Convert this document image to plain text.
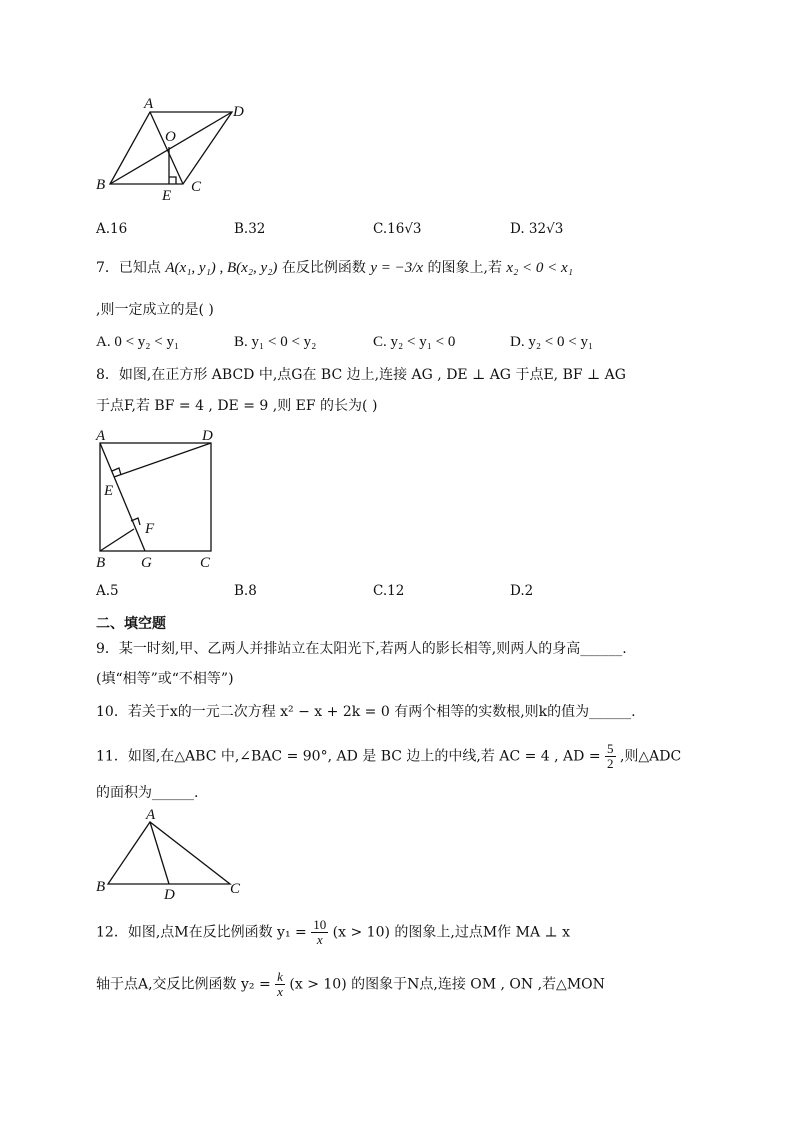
A	D
O
B
E
C
A.16	B.32	C.16√3	D. 32√3
7．已知点 A(x₁, y₁) , B(x₂, y₂) 在反比例函数 y = −3/x 的图象上,若 x₂ < 0 < x₁
,则一定成立的是( )
A. 0 < y₂ < y₁	B. y₁ < 0 < y₂	C. y₂ < y₁ < 0	D. y₂ < 0 < y₁
8．如图,在正方形 ABCD 中,点G在 BC 边上,连接 AG , DE ⊥ AG 于点E, BF ⊥ AG
于点F,若 BF = 4 , DE = 9 ,则 EF 的长为( )
A	D
E
F
B G	C
A.5	B.8	C.12	D.2
二、填空题
9．某一时刻,甲、乙两人并排站立在太阳光下,若两人的影长相等,则两人的身高______.
(填“相等”或“不相等”)
10．若关于x的一元二次方程 x² − x + 2k = 0 有两个相等的实数根,则k的值为______.
11．如图,在△ABC 中,∠BAC = 90°, AD 是 BC 边上的中线,若 AC = 4 , AD = $\frac{5}{2}$ ,则△ADC
的面积为______.
A
B	D	C
12．如图,点M在反比例函数 $y_1 = \frac{10}{x} (x > 10)$ 的图象上,过点M作 MA ⊥ x
轴于点A,交反比例函数 $y_2 = \frac{k}{x} (x > 10)$ 的图象于N点,连接 OM , ON ,若△MON
